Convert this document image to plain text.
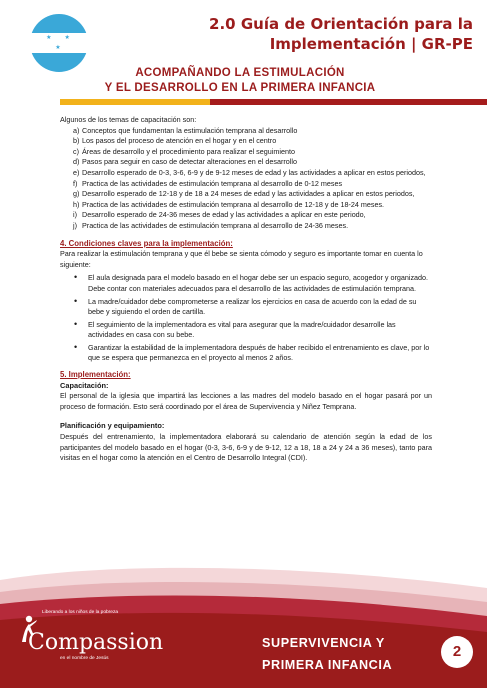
★   ★
★
2.0 Guía de Orientación para la
Implementación | GR-PE
ACOMPAÑANDO LA ESTIMULACIÓN
Y EL DESARROLLO EN LA PRIMERA INFANCIA

Algunos de los temas de capacitación son:

a) Conceptos que fundamentan la estimulación temprana al desarrollo
b) Los pasos del proceso de atención en el hogar y en el centro
c) Áreas de desarrollo y el procedimiento para realizar el seguimiento
d) Pasos para seguir en caso de detectar alteraciones en el desarrollo
e) Desarrollo esperado de 0-3, 3-6, 6-9 y de 9-12 meses de edad y las actividades a aplicar en estos periodos,
f) Practica de las actividades de estimulación temprana al desarrollo de 0-12 meses
g) Desarrollo esperado de 12-18 y de 18 a 24 meses de edad y las actividades a aplicar en estos periodos,
h) Practica de las actividades de estimulación temprana al desarrollo de 12-18 y de 18-24 meses.
i) Desarrollo esperado de 24-36 meses de edad y las actividades a aplicar en este periodo,
j) Practica de las actividades de estimulación temprana al desarrollo de 24-36 meses.
4. Condiciones claves para la implementación:

Para realizar la estimulación temprana y que él bebe se sienta cómodo y seguro es importante tomar en cuenta lo siguiente:

• El aula designada para el modelo basado en el hogar debe ser un espacio seguro, acogedor y organizado. Debe contar con materiales adecuados para el desarrollo de las actividades de estimulación temprana.
• La madre/cuidador debe comprometerse a realizar los ejercicios en casa de acuerdo con la edad de su bebe y siguiendo el orden de cartilla.
• El seguimiento de la implementadora es vital para asegurar que la madre/cuidador desarrolle las actividades en casa con su bebe.
• Garantizar la estabilidad de la implementadora después de haber recibido el entrenamiento es clave, por lo que se espera que permanezca en el proyecto al menos 2 años.
5. Implementación:
Capacitación:

El personal de la iglesia que impartirá las lecciones a las madres del modelo basado en el hogar pasará por un proceso de formación. Esto será coordinado por el área de Supervivencia y Niñez Temprana.

Planificación y equipamiento:

Después del entrenamiento, la implementadora elaborará su calendario de atención según la edad de los participantes del modelo basado en el hogar (0-3, 3-6, 6-9 y de 9-12, 12 a 18, 18 a 24 y 24 a 36 meses), tanto para visitas en el hogar como la atención en el Centro de Desarrollo Integral (CDI).

Liberando a los niños de la pobreza
Compassion
en el nombre de Jesús
SUPERVIVENCIA Y
PRIMERA INFANCIA
2
